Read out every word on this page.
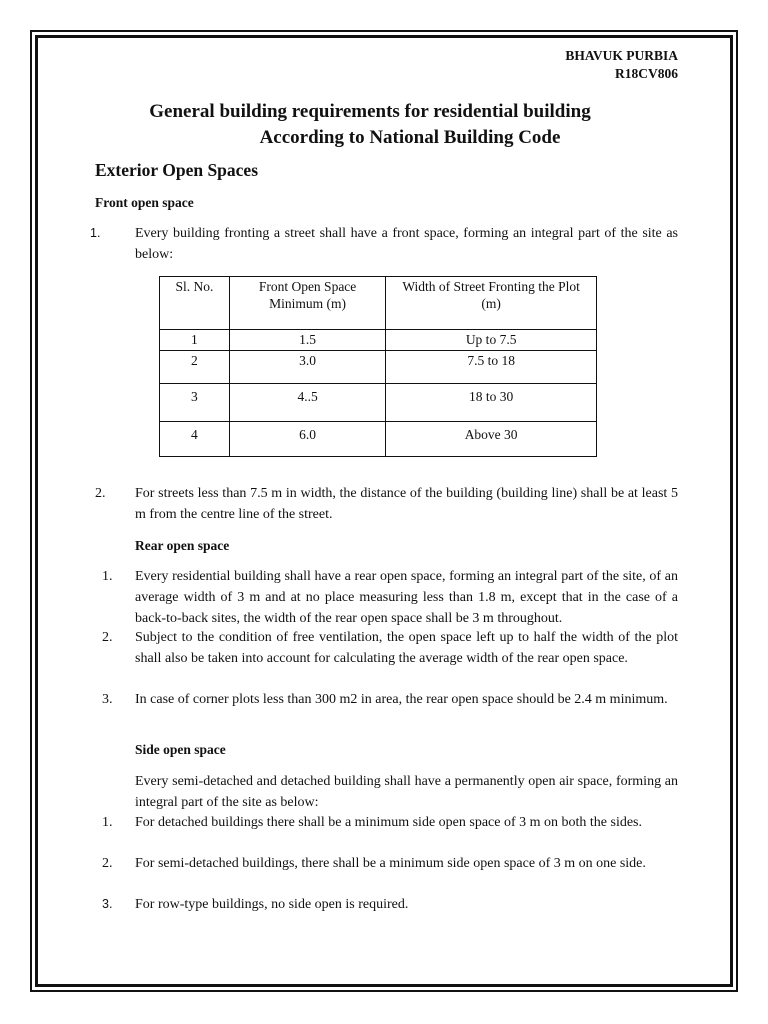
BHAVUK PURBIA
R18CV806
General building requirements for residential building
According to National Building Code
Exterior Open Spaces
Front open space
1. Every building fronting a street shall have a front space, forming an integral part of the site as below:
Sl. No.	Front Open Space Minimum (m)	Width of Street Fronting the Plot
(m)

1	1.5	Up to 7.5
2	3.0	7.5 to 18
3	4..5	18 to 30
4	6.0	Above 30
2. For streets less than 7.5 m in width, the distance of the building (building line) shall be at least 5 m from the centre line of the street.
Rear open space
1. Every residential building shall have a rear open space, forming an integral part of the site, of an average width of 3 m and at no place measuring less than 1.8 m, except that in the case of a back-to-back sites, the width of the rear open space shall be 3 m throughout.
2. Subject to the condition of free ventilation, the open space left up to half the width of the plot shall also be taken into account for calculating the average width of the rear open space.
3. In case of corner plots less than 300 m2 in area, the rear open space should be 2.4 m minimum.
Side open space
Every semi-detached and detached building shall have a permanently open air space, forming an      integral part of the site as below:
1. For detached buildings there shall be a minimum side open space of 3 m on both the sides.
2. For semi-detached buildings, there shall be a minimum side open space of 3 m on one side.
3. For row-type buildings, no side open is required.
